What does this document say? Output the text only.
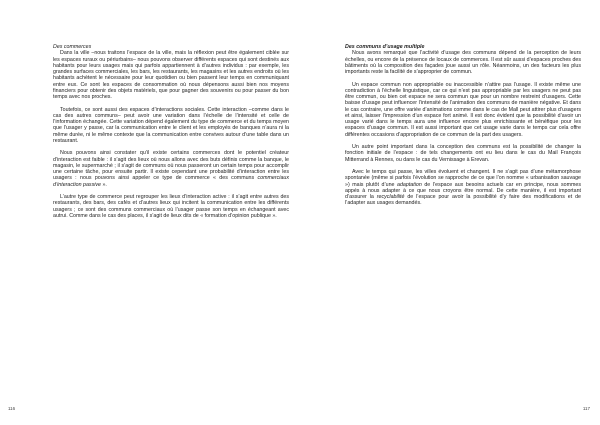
Des commerces

Dans la ville –nous traitons l’espace de la ville, mais la réflexion peut être également ciblée sur les espaces ruraux ou périurbains– nous pouvons observer différents espaces qui sont destinés aux habitants pour leurs usages mais qui parfois appartiennent à d’autres individus : par exemple, les grandes surfaces commerciales, les bars, les restaurants, les magasins et les autres endroits où les habitants achètent le nécessaire pour leur quotidien ou bien passent leur temps en communiquant entre eux. Ce sont les espaces de consommation où nous dépensons aussi bien nos moyens financiers pour obtenir des objets matériels, que pour gagner des souvenirs ou pour passer du bon temps avec nos proches.

Toutefois, ce sont aussi des espaces d’interactions sociales. Cette interaction –comme dans le cas des autres communs– peut avoir une variation dans l’échelle de l’intensité et celle de l’information échangée. Cette variation dépend également du type de commerce et du temps moyen que l’usager y passe, car la communication entre le client et les employés de banques n’aura ni la même durée, ni le même contexte que la communication entre convives autour d’une table dans un restaurant.

Nous pouvons ainsi constater qu’il existe certains commerces dont le potentiel créateur d’interaction est faible : il s’agit des lieux où nous allons avec des buts définis comme la banque, le magasin, le supermarché ; il s’agit de communs où nous passeront un certain temps pour accomplir une certaine tâche, pour ensuite partir. Il existe cependant une probabilité d’interaction entre les usagers : nous pouvons ainsi appeler ce type de commerce « des communs commerciaux d’interaction passive ».

L’autre type de commerce peut regrouper les lieux d’interaction active : il s’agit entre autres des restaurants, des bars, des cafés et d’autres lieux qui incitent la communication entre les différents usagers ; ce sont des communs commerciaux où l’usager passe son temps en échangeant avec autrui. Comme dans le cas des places, il s’agit de lieux dits de « formation d’opinion publique ».

116

Des communs d’usage multiple

Nous avons remarqué que l’activité d’usage des communs dépend de la perception de leurs échelles, ou encore de la présence de locaux de commerces. Il est sûr aussi d’espaces proches des bâtiments où la composition des façades joue aussi un rôle. Néanmoins, un des facteurs les plus importants reste la facilité de s’approprier de commun.

Un espace commun non appropriable ou inaccessible n’attire pas l’usage. Il existe même une contradiction à l’échelle linguistique, car ce qui n’est pas appropriable par les usagers ne peut pas être commun, ou bien cet espace ne sera commun que pour un nombre restreint d’usagers. Cette baisse d’usage peut influencer l’intensité de l’animation des communs de manière négative. Et dans le cas contraire, une offre variée d’animations comme dans le cas de Mall peut attirer plus d’usagers et ainsi, laisser l’impression d’un espace fort animé. Il est donc évident que la possibilité d’avoir un usage varié dans le temps aura une influence encore plus enrichissante et bénéfique pour les espaces d’usage commun. Il est aussi important que cet usage varie dans le temps car cela offre différentes occasions d’appropriation de ce commun de la part des usagers.

Un autre point important dans la conception des communs est la possibilité de changer la fonction initiale de l’espace : de tels changements ont eu lieu dans le cas du Mail François Mitterrand à Rennes, ou dans le cas du Vernissage à Erevan.

Avec le temps qui passe, les villes évoluent et changent. Il ne s’agit pas d’une métamorphose spontanée (même si parfois l’évolution se rapproche de ce que l’on nomme « urbanisation sauvage ») mais plutôt d’une adaptation de l’espace aux besoins actuels car en principe, nous sommes appés à nous adapter à ce que nous croyons être normal. De cette manière, il est important d’assurer la recyclabilité de l’espace pour avoir la possibilité d’y faire des modifications et de l’adapter aux usages demandés.

117
